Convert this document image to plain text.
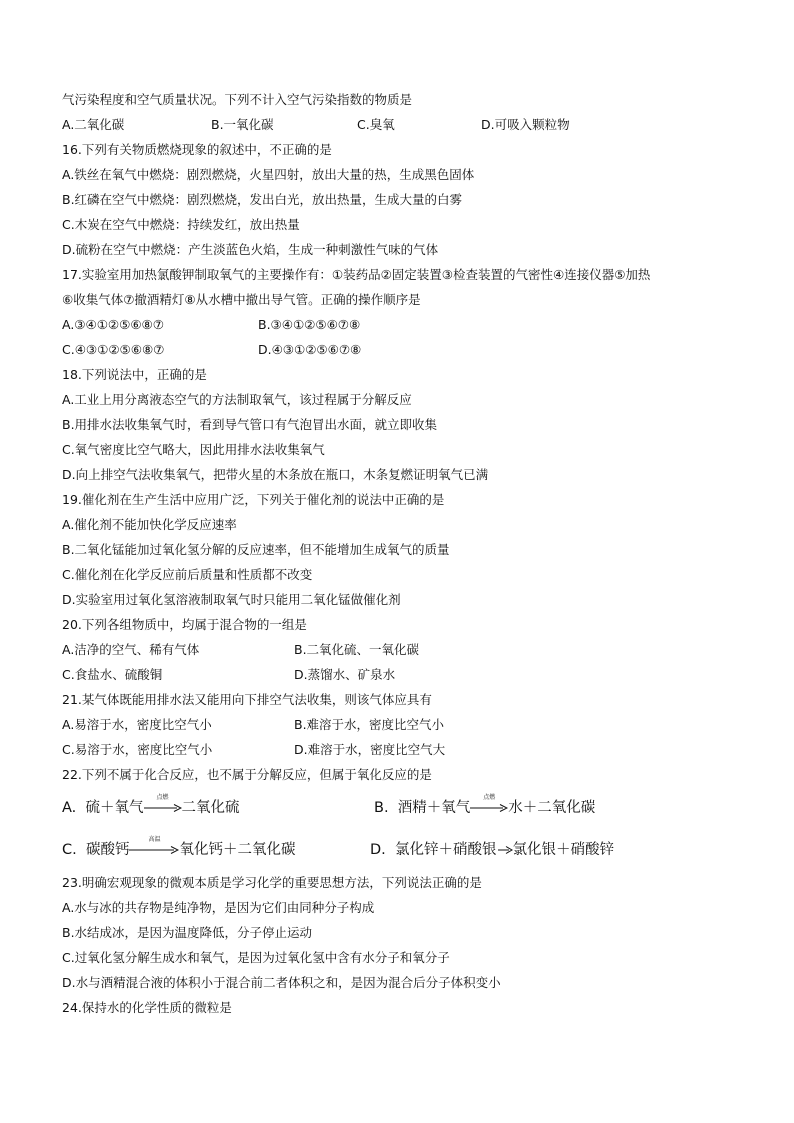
气污染程度和空气质量状况。下列不计入空气污染指数的物质是
A.二氧化碳	B.一氧化碳	C.臭氧	D.可吸入颗粒物
16.下列有关物质燃烧现象的叙述中，不正确的是
A.铁丝在氧气中燃烧：剧烈燃烧，火星四射，放出大量的热，生成黑色固体
B.红磷在空气中燃烧：剧烈燃烧，发出白光，放出热量，生成大量的白雾
C.木炭在空气中燃烧：持续发红，放出热量
D.硫粉在空气中燃烧：产生淡蓝色火焰，生成一种刺激性气味的气体
17.实验室用加热氯酸钾制取氧气的主要操作有：①装药品②固定装置③检查装置的气密性④连接仪器⑤加热
⑥收集气体⑦撤酒精灯⑧从水槽中撤出导气管。正确的操作顺序是
A.③④①②⑤⑥⑧⑦	B.③④①②⑤⑥⑦⑧
C.④③①②⑤⑥⑧⑦	D.④③①②⑤⑥⑦⑧
18.下列说法中，正确的是
A.工业上用分离液态空气的方法制取氧气，该过程属于分解反应
B.用排水法收集氧气时，看到导气管口有气泡冒出水面，就立即收集
C.氧气密度比空气略大，因此用排水法收集氧气
D.向上排空气法收集氧气，把带火星的木条放在瓶口，木条复燃证明氧气已满
19.催化剂在生产生活中应用广泛，下列关于催化剂的说法中正确的是
A.催化剂不能加快化学反应速率
B.二氧化锰能加过氧化氢分解的反应速率，但不能增加生成氧气的质量
C.催化剂在化学反应前后质量和性质都不改变
D.实验室用过氧化氢溶液制取氧气时只能用二氧化锰做催化剂
20.下列各组物质中，均属于混合物的一组是
A.洁净的空气、稀有气体	B.二氧化硫、一氧化碳
C.食盐水、硫酸铜	D.蒸馏水、矿泉水
21.某气体既能用排水法又能用向下排空气法收集，则该气体应具有
A.易溶于水，密度比空气小	B.难溶于水，密度比空气小
C.易溶于水，密度比空气小	D.难溶于水，密度比空气大
22.下列不属于化合反应，也不属于分解反应，但属于氧化反应的是
A. 硫＋氧气
点燃
二氧化硫	B. 酒精＋氧气
点燃
水＋二氧化碳
C. 碳酸钙
高温
氧化钙＋二氧化碳	D. 氯化锌＋硝酸银→氯化银＋硝酸锌
23.明确宏观现象的微观本质是学习化学的重要思想方法，下列说法正确的是
A.水与冰的共存物是纯净物，是因为它们由同种分子构成
B.水结成冰，是因为温度降低，分子停止运动
C.过氧化氢分解生成水和氧气，是因为过氧化氢中含有水分子和氧分子
D.水与酒精混合液的体积小于混合前二者体积之和，是因为混合后分子体积变小
24.保持水的化学性质的微粒是
